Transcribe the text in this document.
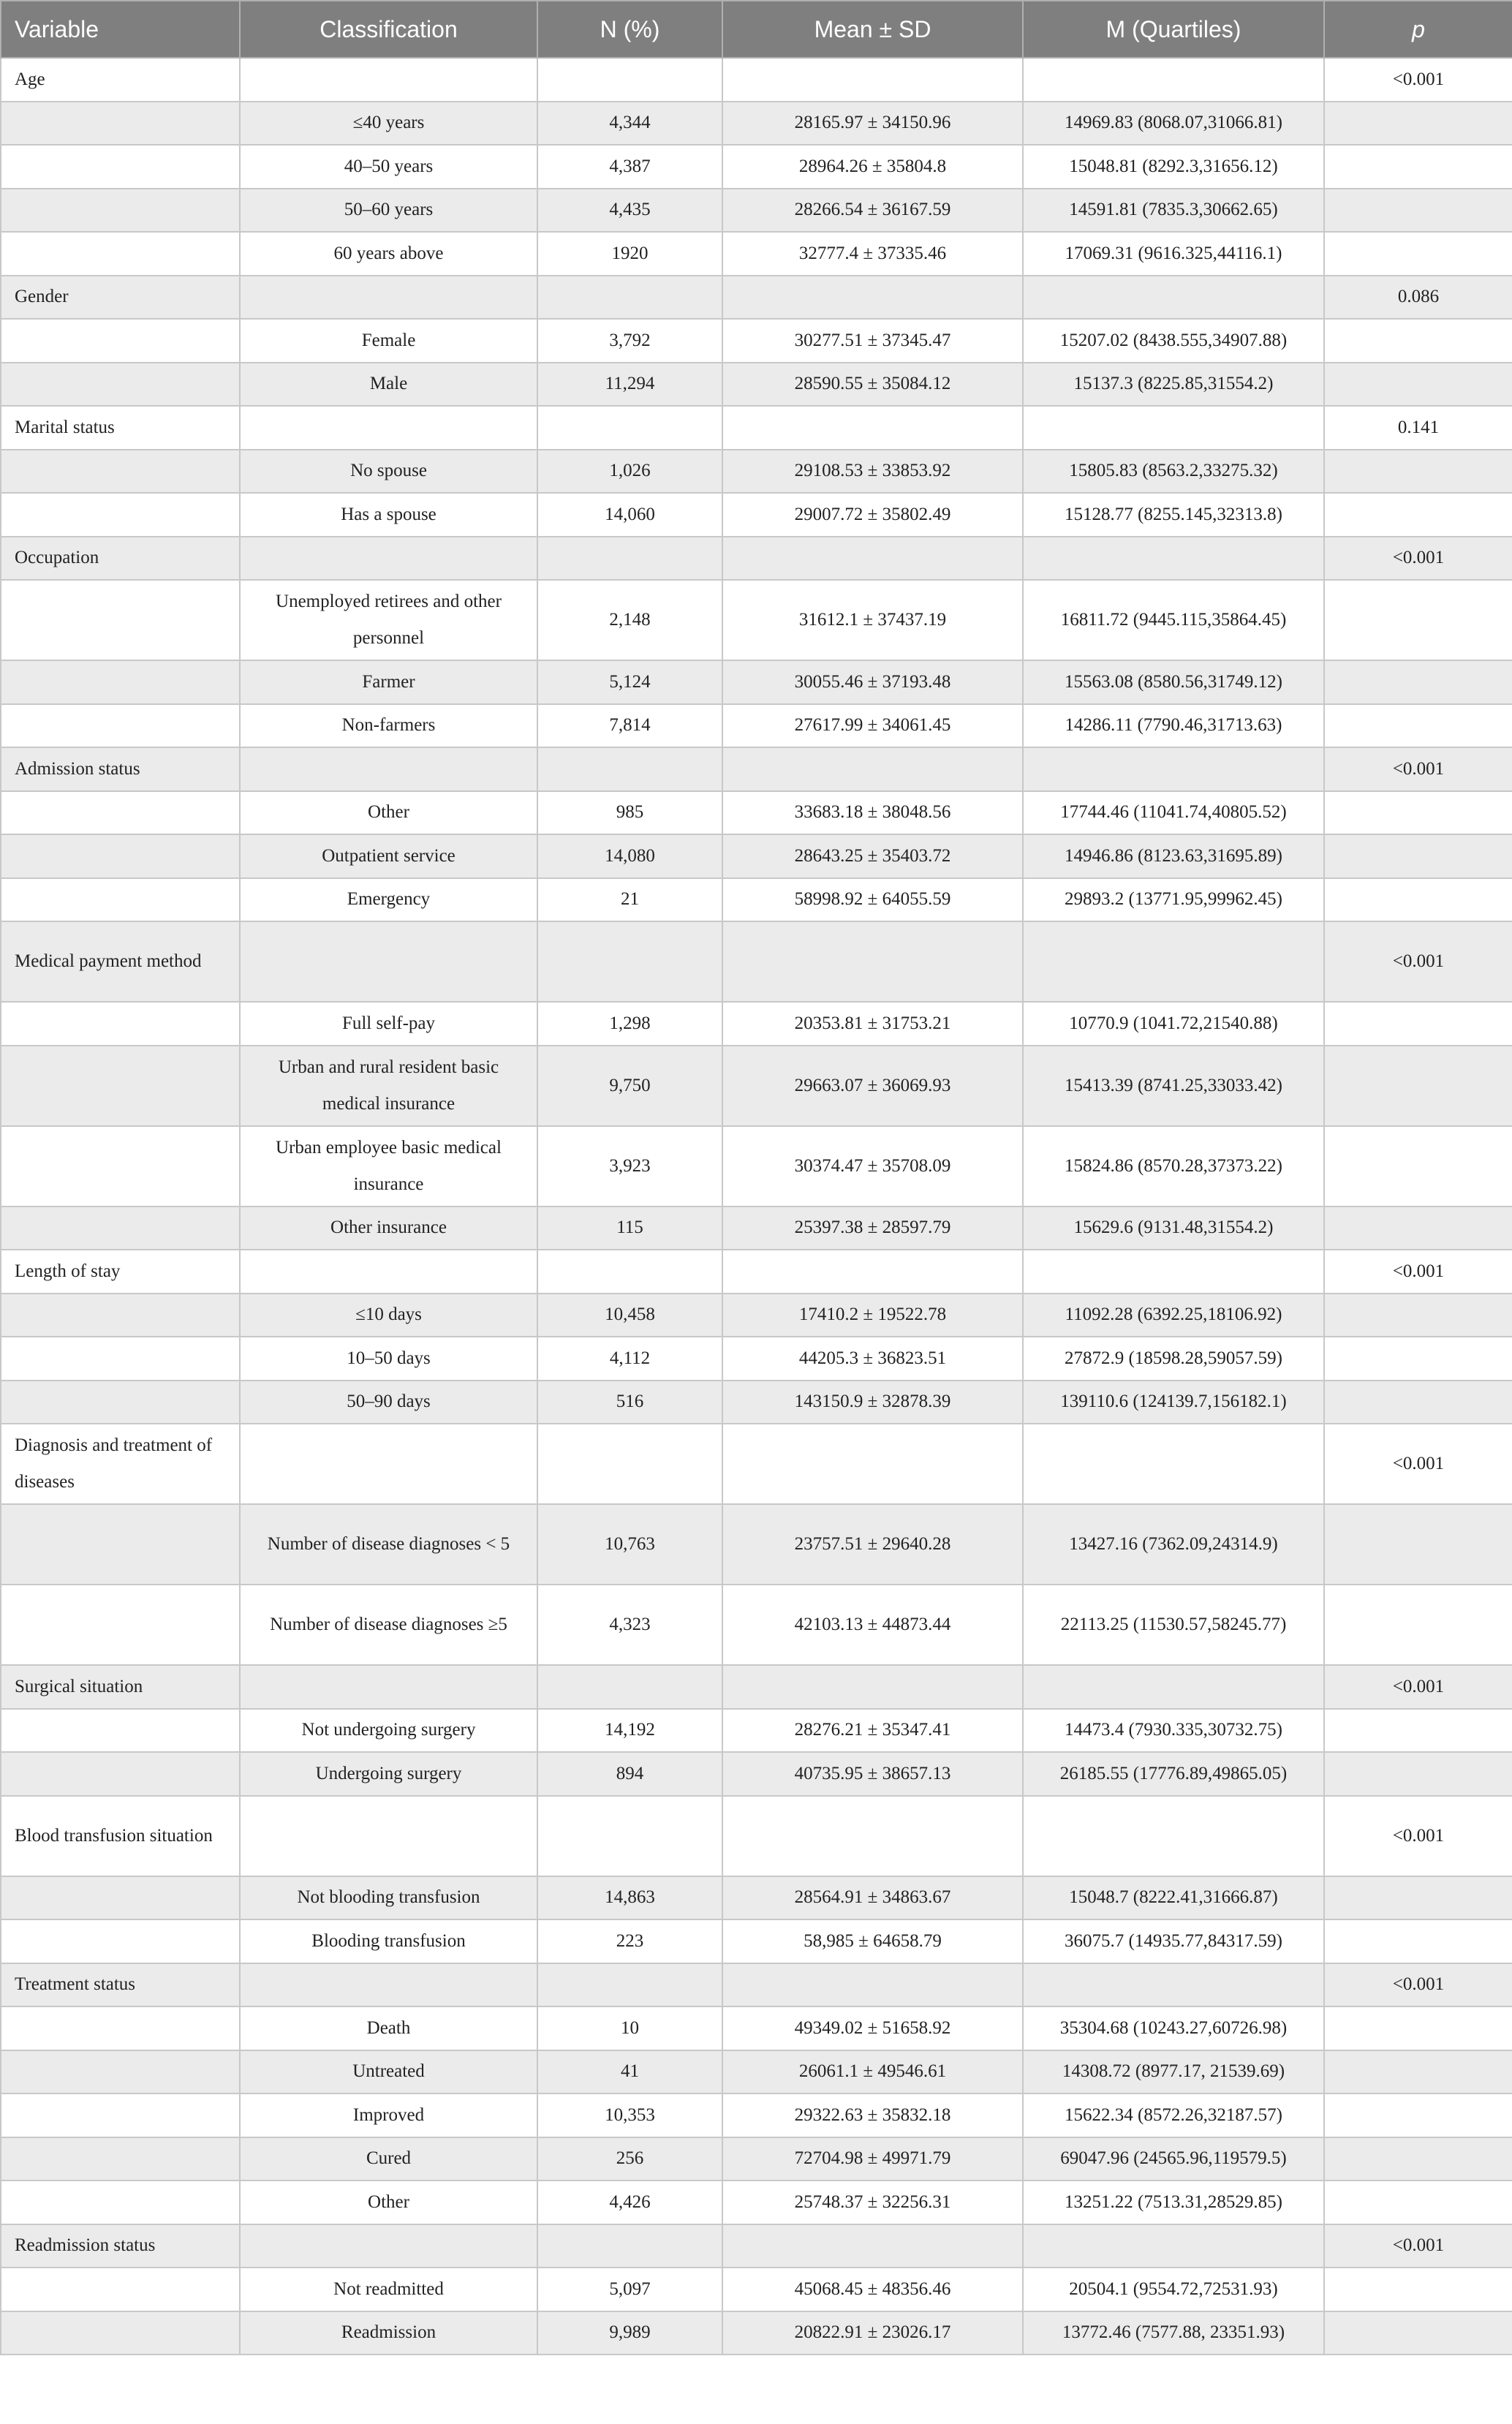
Variable	Classification	N (%)	Mean ± SD	M (Quartiles)	p
Age					<0.001
	≤40 years	4,344	28165.97 ± 34150.96	14969.83 (8068.07,31066.81)	
	40–50 years	4,387	28964.26 ± 35804.8	15048.81 (8292.3,31656.12)	
	50–60 years	4,435	28266.54 ± 36167.59	14591.81 (7835.3,30662.65)	
	60 years above	1920	32777.4 ± 37335.46	17069.31 (9616.325,44116.1)	
Gender					0.086
	Female	3,792	30277.51 ± 37345.47	15207.02 (8438.555,34907.88)	
	Male	11,294	28590.55 ± 35084.12	15137.3 (8225.85,31554.2)	
Marital status					0.141
	No spouse	1,026	29108.53 ± 33853.92	15805.83 (8563.2,33275.32)	
	Has a spouse	14,060	29007.72 ± 35802.49	15128.77 (8255.145,32313.8)	
Occupation					<0.001
	Unemployed retirees and other personnel	2,148	31612.1 ± 37437.19	16811.72 (9445.115,35864.45)	
	Farmer	5,124	30055.46 ± 37193.48	15563.08 (8580.56,31749.12)	
	Non-farmers	7,814	27617.99 ± 34061.45	14286.11 (7790.46,31713.63)	
Admission status					<0.001
	Other	985	33683.18 ± 38048.56	17744.46 (11041.74,40805.52)	
	Outpatient service	14,080	28643.25 ± 35403.72	14946.86 (8123.63,31695.89)	
	Emergency	21	58998.92 ± 64055.59	29893.2 (13771.95,99962.45)	
Medical payment method					<0.001
	Full self-pay	1,298	20353.81 ± 31753.21	10770.9 (1041.72,21540.88)	
	Urban and rural resident basic medical insurance	9,750	29663.07 ± 36069.93	15413.39 (8741.25,33033.42)	
	Urban employee basic medical insurance	3,923	30374.47 ± 35708.09	15824.86 (8570.28,37373.22)	
	Other insurance	115	25397.38 ± 28597.79	15629.6 (9131.48,31554.2)	
Length of stay					<0.001
	≤10 days	10,458	17410.2 ± 19522.78	11092.28 (6392.25,18106.92)	
	10–50 days	4,112	44205.3 ± 36823.51	27872.9 (18598.28,59057.59)	
	50–90 days	516	143150.9 ± 32878.39	139110.6 (124139.7,156182.1)	
Diagnosis and treatment of diseases					<0.001
	Number of disease diagnoses < 5	10,763	23757.51 ± 29640.28	13427.16 (7362.09,24314.9)	
	Number of disease diagnoses ≥5	4,323	42103.13 ± 44873.44	22113.25 (11530.57,58245.77)	
Surgical situation					<0.001
	Not undergoing surgery	14,192	28276.21 ± 35347.41	14473.4 (7930.335,30732.75)	
	Undergoing surgery	894	40735.95 ± 38657.13	26185.55 (17776.89,49865.05)	
Blood transfusion situation					<0.001
	Not blooding transfusion	14,863	28564.91 ± 34863.67	15048.7 (8222.41,31666.87)	
	Blooding transfusion	223	58,985 ± 64658.79	36075.7 (14935.77,84317.59)	
Treatment status					<0.001
	Death	10	49349.02 ± 51658.92	35304.68 (10243.27,60726.98)	
	Untreated	41	26061.1 ± 49546.61	14308.72 (8977.17, 21539.69)	
	Improved	10,353	29322.63 ± 35832.18	15622.34 (8572.26,32187.57)	
	Cured	256	72704.98 ± 49971.79	69047.96 (24565.96,119579.5)	
	Other	4,426	25748.37 ± 32256.31	13251.22 (7513.31,28529.85)	
Readmission status					<0.001
	Not readmitted	5,097	45068.45 ± 48356.46	20504.1 (9554.72,72531.93)	
	Readmission	9,989	20822.91 ± 23026.17	13772.46 (7577.88, 23351.93)	
